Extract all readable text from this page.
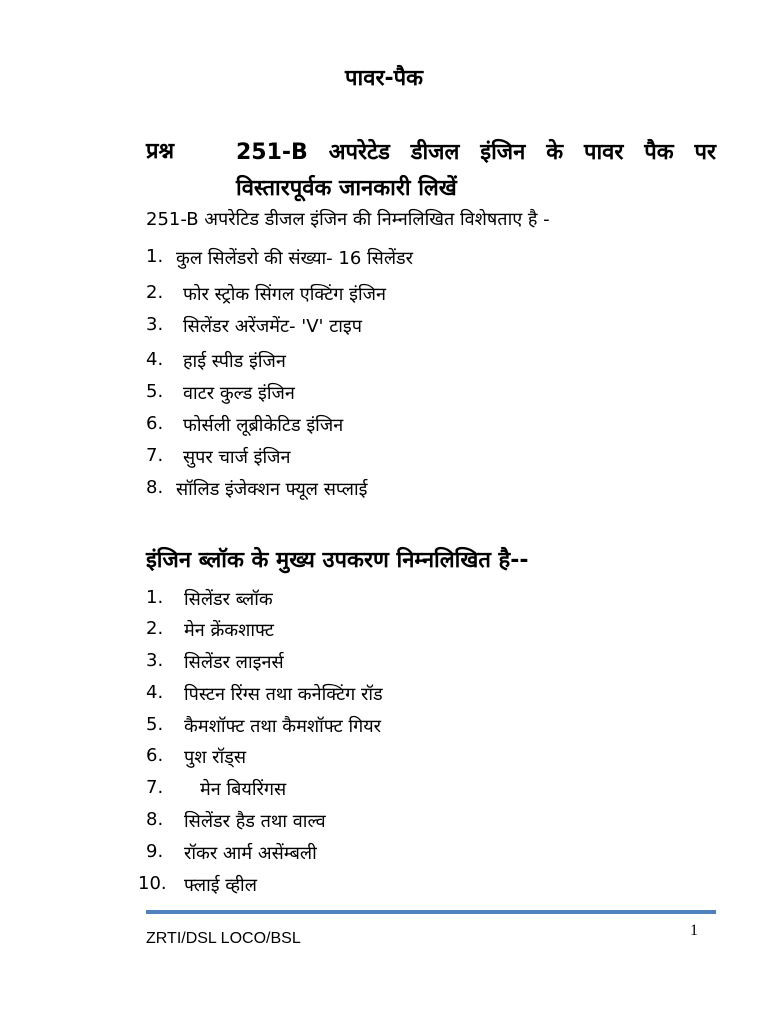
पावर-पैक
प्रश्न	251-B अपरेटेड डीजल इंजिन के पावर पैक पर विस्तारपूर्वक जानकारी लिखें
251-B अपरेटिड डीजल इंजिन की निम्नलिखित विशेषताए है -
1. कुल सिलेंडरो की संख्या- 16 सिलेंडर
2.	फोर स्ट्रोक सिंगल एक्टिंग इंजिन
3.	सिलेंडर अरेंजमेंट- 'V' टाइप
4.	हाई स्पीड इंजिन
5.	वाटर कुल्ड इंजिन
6.	फोर्सली लूब्रीकेटिड इंजिन
7.	सुपर चार्ज इंजिन
8. सॉलिड इंजेक्शन फ्यूल सप्लाई
इंजिन ब्लॉक के मुख्य उपकरण निम्नलिखित है--
1.	सिलेंडर ब्लॉक
2.	मेन क्रेंकशाफ्ट
3.	सिलेंडर लाइनर्स
4.	पिस्टन रिंग्स तथा कनेक्टिंग रॉड
5.	कैमशॉफ्ट तथा कैमशॉफ्ट गियर
6.	पुश रॉड्स
7.	मेन बियरिंगस
8.	सिलेंडर हैड तथा वाल्व
9.	रॉकर आर्म असेंम्बली
10. फ्लाई व्हील
ZRTI/DSL LOCO/BSL	1
